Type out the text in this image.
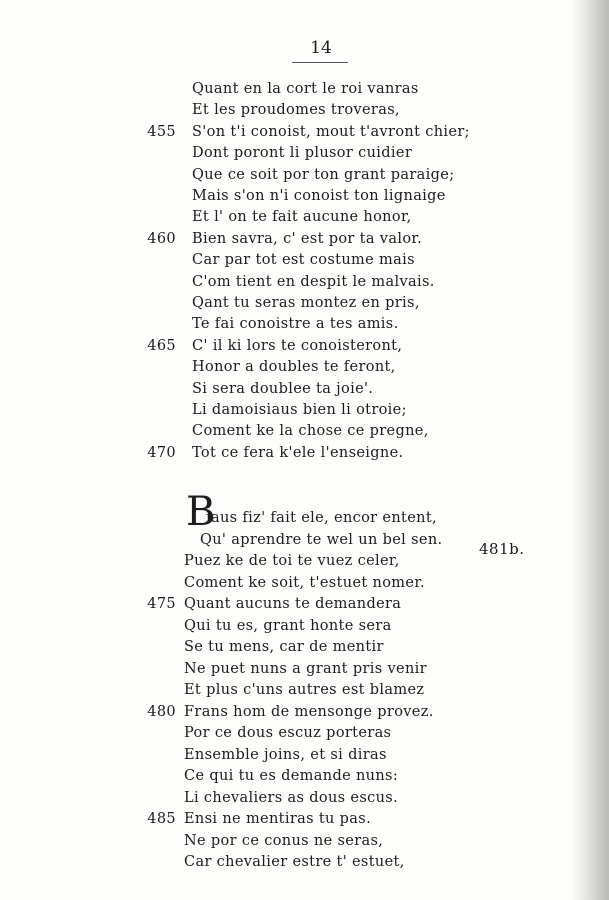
14
Quant en la cort le roi vanras
Et les proudomes troveras,
455 S'on t'i conoist, mout t'avront chier;
Dont poront li plusor cuidier
Que ce soit por ton grant paraige;
Mais s'on n'i conoist ton lignaige
Et l' on te fait aucune honor,
460 Bien savra, c' est por ta valor.
Car par tot est costume mais
C'om tient en despit le malvais.
Qant tu seras montez en pris,
Te fai conoistre a tes amis.
465 C' il ki lors te conoisteront,
Honor a doubles te feront,
Si sera doublee ta joie'.
Li damoisiaus bien li otroie;
Coment ke la chose ce pregne,
470 Tot ce fera k'ele l'enseigne.
B
iaus fiz' fait ele, encor entent,
Qu' aprendre te wel un bel sen.
Puez ke de toi te vuez celer,
Coment ke soit, t'estuet nomer.
475 Quant aucuns te demandera
Qui tu es, grant honte sera
Se tu mens, car de mentir
Ne puet nuns a grant pris venir
Et plus c'uns autres est blamez
480 Frans hom de mensonge provez.
Por ce dous escuz porteras
Ensemble joins, et si diras
Ce qui tu es demande nuns:
Li chevaliers as dous escus.
485 Ensi ne mentiras tu pas.
Ne por ce conus ne seras,
Car chevalier estre t' estuet,
481b.
